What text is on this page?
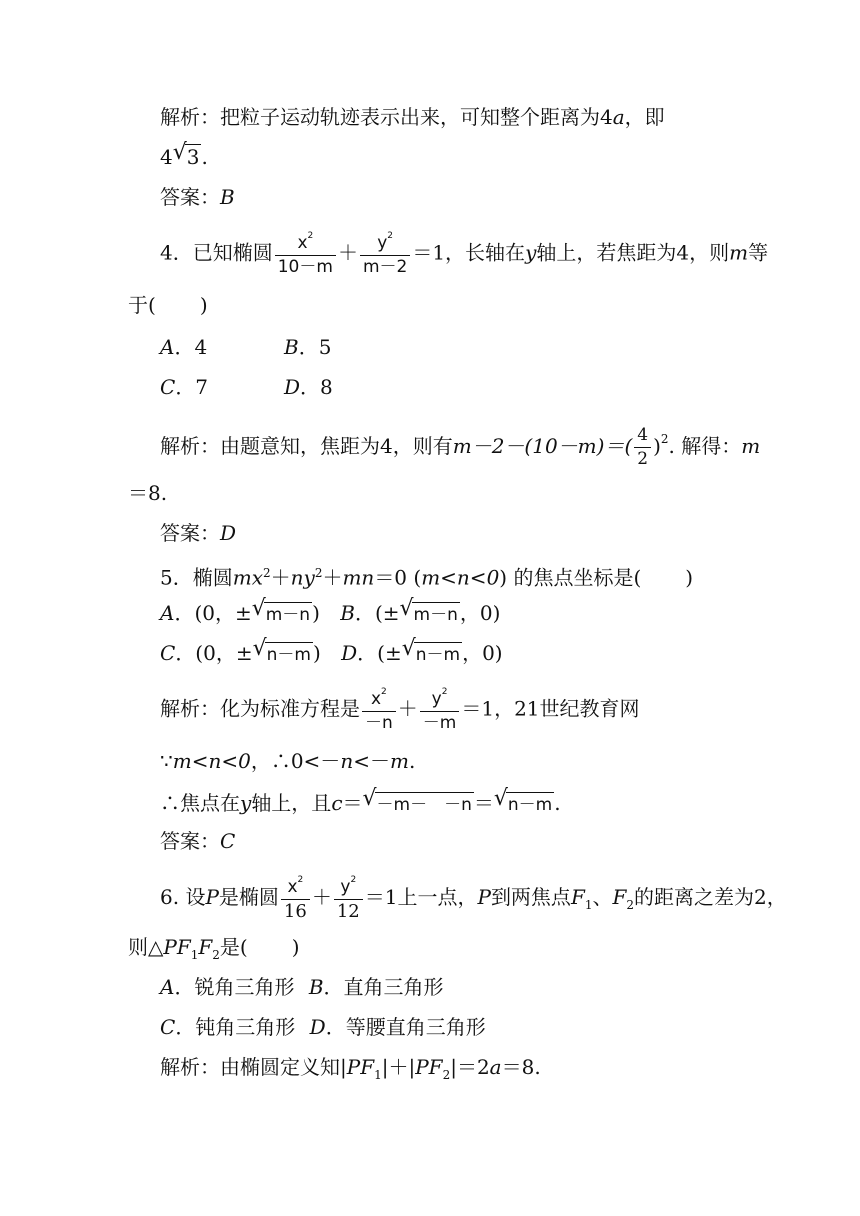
解析：把粒子运动轨迹表示出来，可知整个距离为4a，即
4 √ 3 .
答案：B
4．已知椭圆 $\frac{x^2}{10-m} + \frac{y^2}{m-2} =1$，长轴在y轴上，若焦距为4，则m等
于( )
A．4	B．5
C．7	D．8
解析：由题意知，焦距为4，则有$m-2-(10-m)=( \frac{4}{2} )^2$. 解得：m
＝8.
答案：D
5．椭圆$mx^2+ny^2+mn=0$ (m<n<0) 的焦点坐标是( )
A．(0，± √ m－n ) B．(± √ m－n ，0)
C．(0，± √ n－m ) D．(± √ n－m ，0)
解析：化为标准方程是 $\frac{x^2}{-n} + \frac{y^2}{-m} =1$，21世纪教育网
∵m<n<0，∴0<－n<－m.
∴焦点在y轴上，且c＝ √ －m－　－n ＝ √ n－m .
答案：C
6. 设P是椭圆 $\frac{x^2}{16} + \frac{y^2}{12} =1$上一点，P到两焦点$F_1$、$F_2$的距离之差为2，
则$\triangle PF_1F_2$是( )
A．锐角三角形 B．直角三角形
C．钝角三角形 D．等腰直角三角形
解析：由椭圆定义知$|PF_1|+|PF_2|=2a=8$.
